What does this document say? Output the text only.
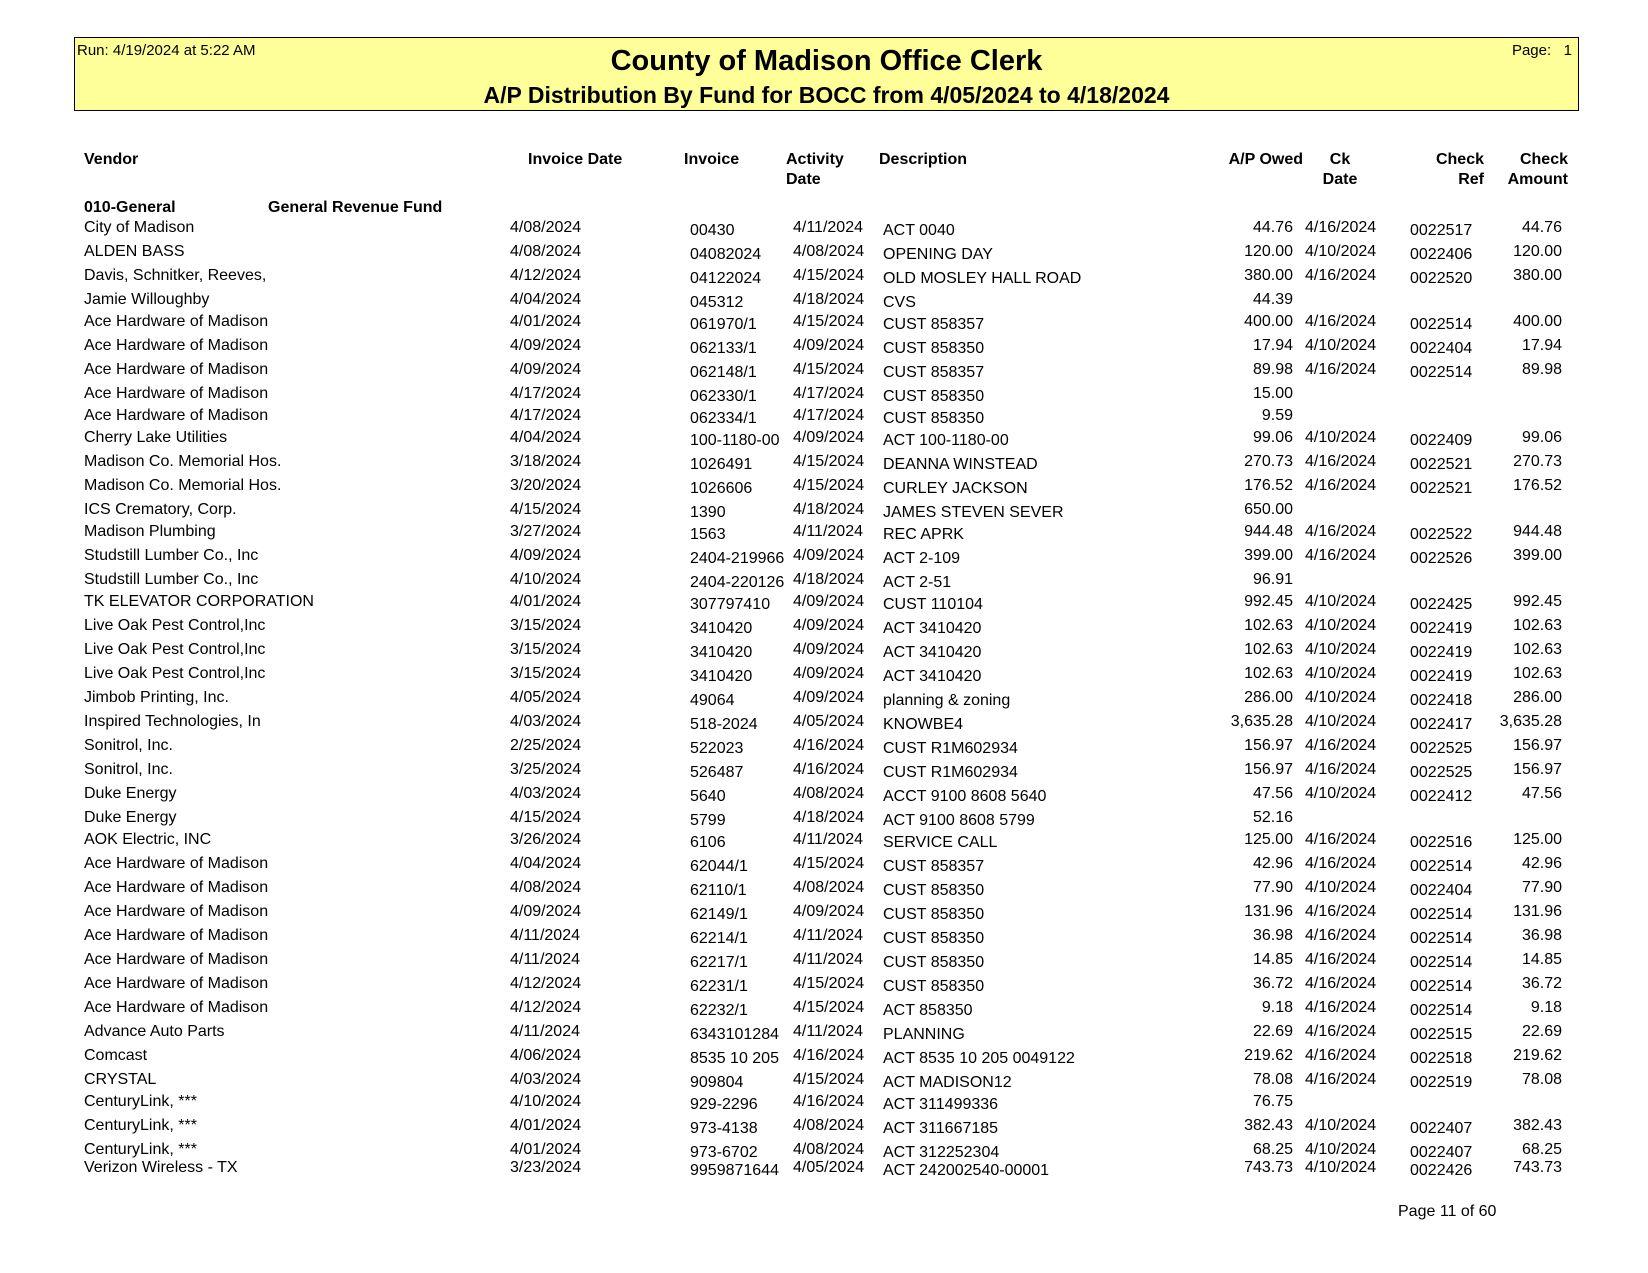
Run: 4/19/2024 at 5:22 AM	Page: 1
County of Madison Office Clerk
A/P Distribution By Fund for BOCC from 4/05/2024 to 4/18/2024
Vendor	Invoice Date	Invoice	Activity
Date
Description	A/P Owed	Ck
Date
Check
Ref
Check
Amount
010-General	General Revenue Fund
City of Madison	4/08/2024	00430	4/11/2024 ACT 0040	44.76 4/16/2024 0022517	44.76
ALDEN BASS	4/08/2024	04082024 4/08/2024 OPENING DAY	120.00 4/10/2024 0022406	120.00
Davis, Schnitker, Reeves,	4/12/2024	04122024 4/15/2024 OLD MOSLEY HALL ROAD	380.00 4/16/2024 0022520	380.00
Jamie Willoughby	4/04/2024	045312	4/18/2024 CVS	44.39
Ace Hardware of Madison	4/01/2024	061970/1 4/15/2024 CUST 858357	400.00 4/16/2024 0022514	400.00
Ace Hardware of Madison	4/09/2024	062133/1 4/09/2024 CUST 858350	17.94 4/10/2024 0022404	17.94
Ace Hardware of Madison	4/09/2024	062148/1 4/15/2024 CUST 858357	89.98 4/16/2024 0022514	89.98
Ace Hardware of Madison	4/17/2024	062330/1 4/17/2024 CUST 858350	15.00
Ace Hardware of Madison	4/17/2024	062334/1 4/17/2024 CUST 858350	9.59
Cherry Lake Utilities	4/04/2024	100-1180-00 4/09/2024 ACT 100-1180-00	99.06 4/10/2024 0022409	99.06
Madison Co. Memorial Hos.	3/18/2024	1026491	4/15/2024 DEANNA WINSTEAD	270.73 4/16/2024 0022521	270.73
Madison Co. Memorial Hos.	3/20/2024	1026606	4/15/2024 CURLEY JACKSON	176.52 4/16/2024 0022521	176.52
ICS Crematory, Corp.	4/15/2024	1390	4/18/2024 JAMES STEVEN SEVER	650.00
Madison Plumbing	3/27/2024	1563	4/11/2024 REC APRK	944.48 4/16/2024 0022522	944.48
Studstill Lumber Co., Inc	4/09/2024	2404-219966 4/09/2024 ACT 2-109	399.00 4/16/2024 0022526	399.00
Studstill Lumber Co., Inc	4/10/2024	2404-220126 4/18/2024 ACT 2-51	96.91
TK ELEVATOR CORPORATION	4/01/2024	307797410 4/09/2024 CUST 110104	992.45 4/10/2024 0022425	992.45
Live Oak Pest Control,Inc	3/15/2024	3410420	4/09/2024 ACT 3410420	102.63 4/10/2024 0022419	102.63
Live Oak Pest Control,Inc	3/15/2024	3410420	4/09/2024 ACT 3410420	102.63 4/10/2024 0022419	102.63
Live Oak Pest Control,Inc	3/15/2024	3410420	4/09/2024 ACT 3410420	102.63 4/10/2024 0022419	102.63
Jimbob Printing, Inc.	4/05/2024	49064	4/09/2024 planning & zoning	286.00 4/10/2024 0022418	286.00
Inspired Technologies, In	4/03/2024	518-2024 4/05/2024 KNOWBE4	3,635.28 4/10/2024 0022417	3,635.28
Sonitrol, Inc.	2/25/2024	522023	4/16/2024 CUST R1M602934	156.97 4/16/2024 0022525	156.97
Sonitrol, Inc.	3/25/2024	526487	4/16/2024 CUST R1M602934	156.97 4/16/2024 0022525	156.97
Duke Energy	4/03/2024	5640	4/08/2024 ACCT 9100 8608 5640	47.56 4/10/2024 0022412	47.56
Duke Energy	4/15/2024	5799	4/18/2024 ACT 9100 8608 5799	52.16
AOK Electric, INC	3/26/2024	6106	4/11/2024 SERVICE CALL	125.00 4/16/2024 0022516	125.00
Ace Hardware of Madison	4/04/2024	62044/1	4/15/2024 CUST 858357	42.96 4/16/2024 0022514	42.96
Ace Hardware of Madison	4/08/2024	62110/1	4/08/2024 CUST 858350	77.90 4/10/2024 0022404	77.90
Ace Hardware of Madison	4/09/2024	62149/1	4/09/2024 CUST 858350	131.96 4/16/2024 0022514	131.96
Ace Hardware of Madison	4/11/2024	62214/1	4/11/2024 CUST 858350	36.98 4/16/2024 0022514	36.98
Ace Hardware of Madison	4/11/2024	62217/1	4/11/2024 CUST 858350	14.85 4/16/2024 0022514	14.85
Ace Hardware of Madison	4/12/2024	62231/1	4/15/2024 CUST 858350	36.72 4/16/2024 0022514	36.72
Ace Hardware of Madison	4/12/2024	62232/1	4/15/2024 ACT 858350	9.18 4/16/2024 0022514	9.18
Advance Auto Parts	4/11/2024	6343101284 4/11/2024 PLANNING	22.69 4/16/2024 0022515	22.69
Comcast	4/06/2024	8535 10 205 4/16/2024 ACT 8535 10 205 0049122	219.62 4/16/2024 0022518	219.62
CRYSTAL	4/03/2024	909804	4/15/2024 ACT MADISON12	78.08 4/16/2024 0022519	78.08
CenturyLink, ***	4/10/2024	929-2296 4/16/2024 ACT 311499336	76.75
CenturyLink, ***	4/01/2024	973-4138 4/08/2024 ACT 311667185	382.43 4/10/2024 0022407	382.43
CenturyLink, ***	4/01/2024	973-6702 4/08/2024 ACT 312252304	68.25 4/10/2024 0022407	68.25
Verizon Wireless - TX	3/23/2024	9959871644 4/05/2024 ACT 242002540-00001	743.73 4/10/2024 0022426	743.73
Page 11 of 60
